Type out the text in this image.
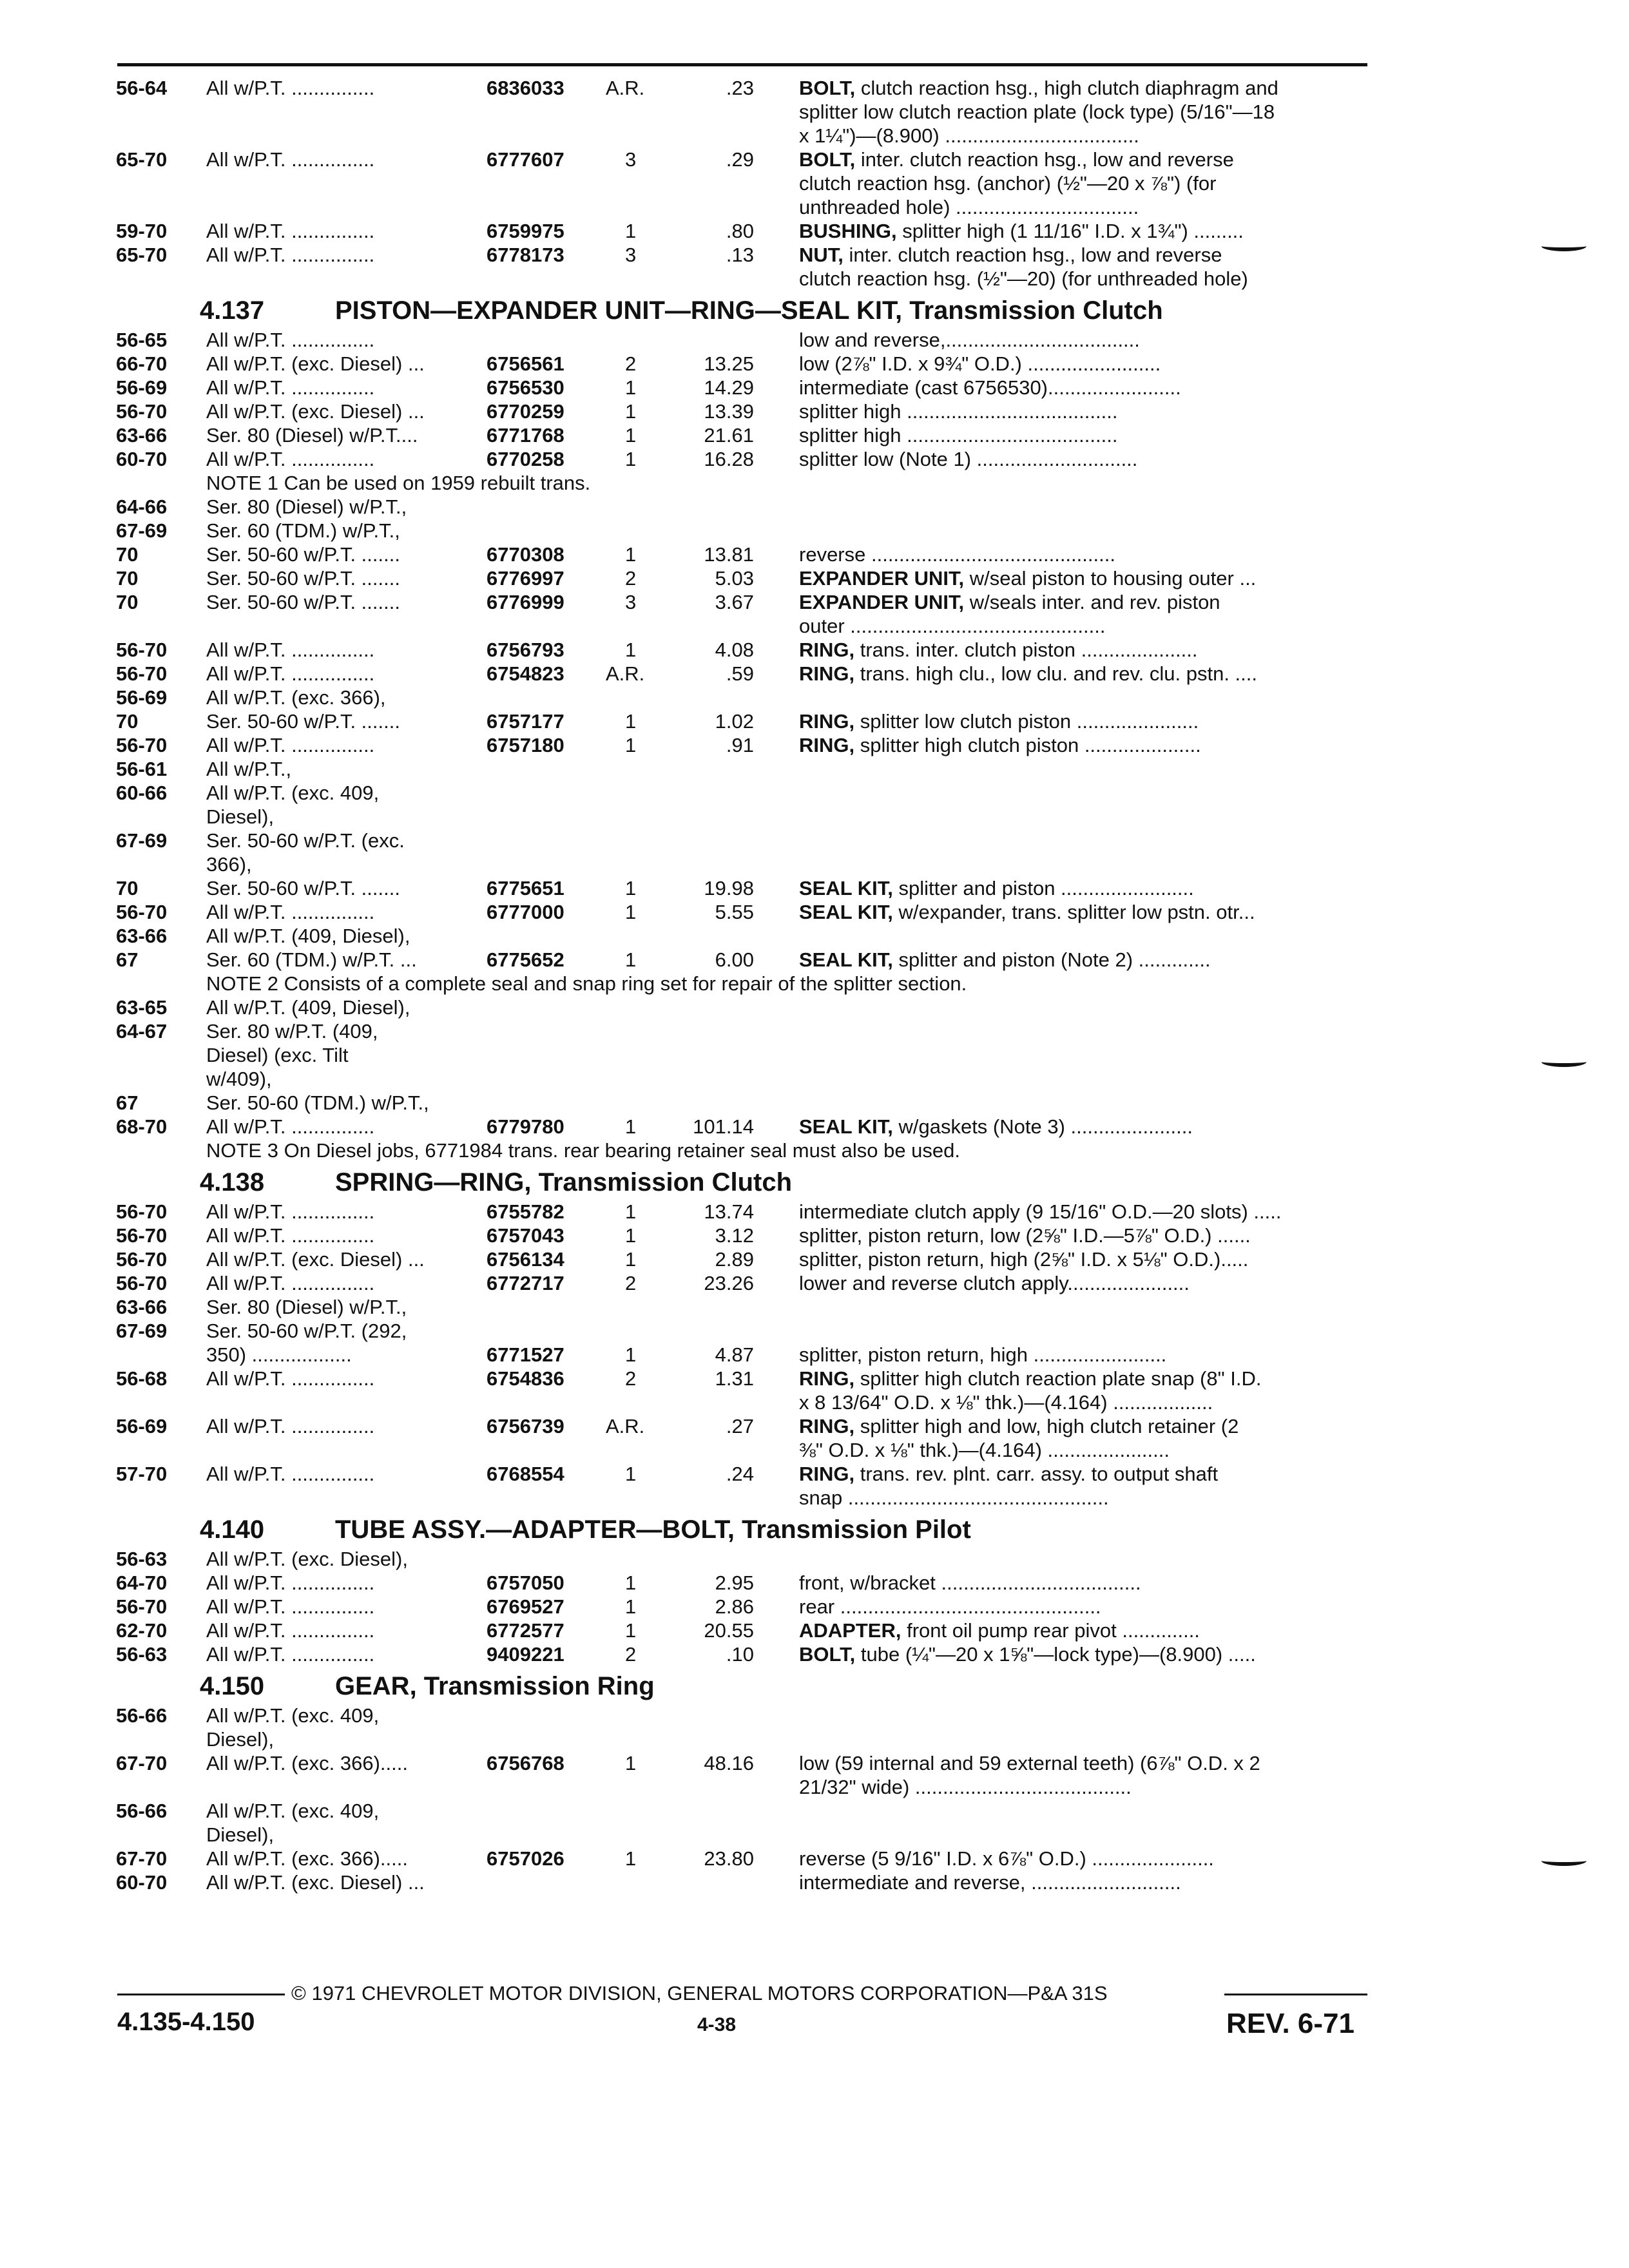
56-64	All w/P.T. ...............	6836033	A.R.	.23 BOLT, clutch reaction hsg., high clutch diaphragm and
splitter low clutch reaction plate (lock type) (5/16"—18
x 1¼")—(8.900) ...................................
65-70	All w/P.T. ...............	6777607	3	.29 BOLT, inter. clutch reaction hsg., low and reverse
clutch reaction hsg. (anchor) (½"—20 x ⅞") (for
unthreaded hole) .................................
59-70	All w/P.T. ...............	6759975	1	.80 BUSHING, splitter high (1 11/16" I.D. x 1¾") .........
65-70	All w/P.T. ...............	6778173	3	.13 NUT, inter. clutch reaction hsg., low and reverse
clutch reaction hsg. (½"—20) (for unthreaded hole)
4.137	PISTON—EXPANDER UNIT—RING—SEAL KIT, Transmission Clutch
56-65	All w/P.T. ...............	low and reverse,...................................
66-70	All w/P.T. (exc. Diesel) ...	6756561	2	13.25 low (2⅞" I.D. x 9¾" O.D.) ........................
56-69	All w/P.T. ...............	6756530	1	14.29 intermediate (cast 6756530)........................
56-70	All w/P.T. (exc. Diesel) ...	6770259	1	13.39 splitter high ......................................
63-66	Ser. 80 (Diesel) w/P.T....	6771768	1	21.61 splitter high ......................................
60-70	All w/P.T. ...............	6770258	1	16.28 splitter low (Note 1) .............................
NOTE 1 Can be used on 1959 rebuilt trans.
64-66	Ser. 80 (Diesel) w/P.T.,
67-69	Ser. 60 (TDM.) w/P.T.,
70	Ser. 50-60 w/P.T. .......	6770308	1	13.81 reverse ............................................
70	Ser. 50-60 w/P.T. .......	6776997	2	5.03 EXPANDER UNIT, w/seal piston to housing outer ...
70	Ser. 50-60 w/P.T. .......	6776999	3	3.67 EXPANDER UNIT, w/seals inter. and rev. piston
outer ..............................................
56-70	All w/P.T. ...............	6756793	1	4.08 RING, trans. inter. clutch piston .....................
56-70	All w/P.T. ...............	6754823	A.R.	.59 RING, trans. high clu., low clu. and rev. clu. pstn. ....
56-69	All w/P.T. (exc. 366),
70	Ser. 50-60 w/P.T. .......	6757177	1	1.02 RING, splitter low clutch piston ......................
56-70	All w/P.T. ...............	6757180	1	.91 RING, splitter high clutch piston .....................
56-61	All w/P.T.,
60-66	All w/P.T. (exc. 409,
Diesel),
67-69	Ser. 50-60 w/P.T. (exc.
366),
70	Ser. 50-60 w/P.T. .......	6775651	1	19.98 SEAL KIT, splitter and piston ........................
56-70	All w/P.T. ...............	6777000	1	5.55 SEAL KIT, w/expander, trans. splitter low pstn. otr...
63-66	All w/P.T. (409, Diesel),
67	Ser. 60 (TDM.) w/P.T. ...	6775652	1	6.00 SEAL KIT, splitter and piston (Note 2) .............
NOTE 2 Consists of a complete seal and snap ring set for repair of the splitter section.
63-65	All w/P.T. (409, Diesel),
64-67	Ser. 80 w/P.T. (409,
Diesel) (exc. Tilt
w/409),
67	Ser. 50-60 (TDM.) w/P.T.,
68-70	All w/P.T. ...............	6779780	1	101.14 SEAL KIT, w/gaskets (Note 3) ......................
NOTE 3 On Diesel jobs, 6771984 trans. rear bearing retainer seal must also be used.
4.138	SPRING—RING, Transmission Clutch
56-70	All w/P.T. ...............	6755782	1	13.74 intermediate clutch apply (9 15/16" O.D.—20 slots) .....
56-70	All w/P.T. ...............	6757043	1	3.12 splitter, piston return, low (2⅝" I.D.—5⅞" O.D.) ......
56-70	All w/P.T. (exc. Diesel) ...	6756134	1	2.89 splitter, piston return, high (2⅝" I.D. x 5⅛" O.D.).....
56-70	All w/P.T. ...............	6772717	2	23.26 lower and reverse clutch apply......................
63-66	Ser. 80 (Diesel) w/P.T.,
67-69	Ser. 50-60 w/P.T. (292,
350) ..................	6771527	1	4.87 splitter, piston return, high ........................
56-68	All w/P.T. ...............	6754836	2	1.31 RING, splitter high clutch reaction plate snap (8" I.D.
x 8 13/64" O.D. x ⅛" thk.)—(4.164) ..................
56-69	All w/P.T. ...............	6756739	A.R.	.27 RING, splitter high and low, high clutch retainer (2
⅜" O.D. x ⅛" thk.)—(4.164) ......................
57-70	All w/P.T. ...............	6768554	1	.24 RING, trans. rev. plnt. carr. assy. to output shaft
snap ...............................................
4.140	TUBE ASSY.—ADAPTER—BOLT, Transmission Pilot
56-63	All w/P.T. (exc. Diesel),
64-70	All w/P.T. ...............	6757050	1	2.95 front, w/bracket ....................................
56-70	All w/P.T. ...............	6769527	1	2.86 rear ...............................................
62-70	All w/P.T. ...............	6772577	1	20.55 ADAPTER, front oil pump rear pivot ..............
56-63	All w/P.T. ...............	9409221	2	.10 BOLT, tube (¼"—20 x 1⅝"—lock type)—(8.900) .....
4.150	GEAR, Transmission Ring
56-66	All w/P.T. (exc. 409,
Diesel),
67-70	All w/P.T. (exc. 366).....	6756768	1	48.16 low (59 internal and 59 external teeth) (6⅞" O.D. x 2
21/32" wide) .......................................
56-66	All w/P.T. (exc. 409,
Diesel),
67-70	All w/P.T. (exc. 366).....	6757026	1	23.80 reverse (5 9/16" I.D. x 6⅞" O.D.) ......................
60-70	All w/P.T. (exc. Diesel) ...	intermediate and reverse, ...........................
© 1971 CHEVROLET MOTOR DIVISION, GENERAL MOTORS CORPORATION—P&A 31S
4.135-4.150	4-38	REV. 6-71
